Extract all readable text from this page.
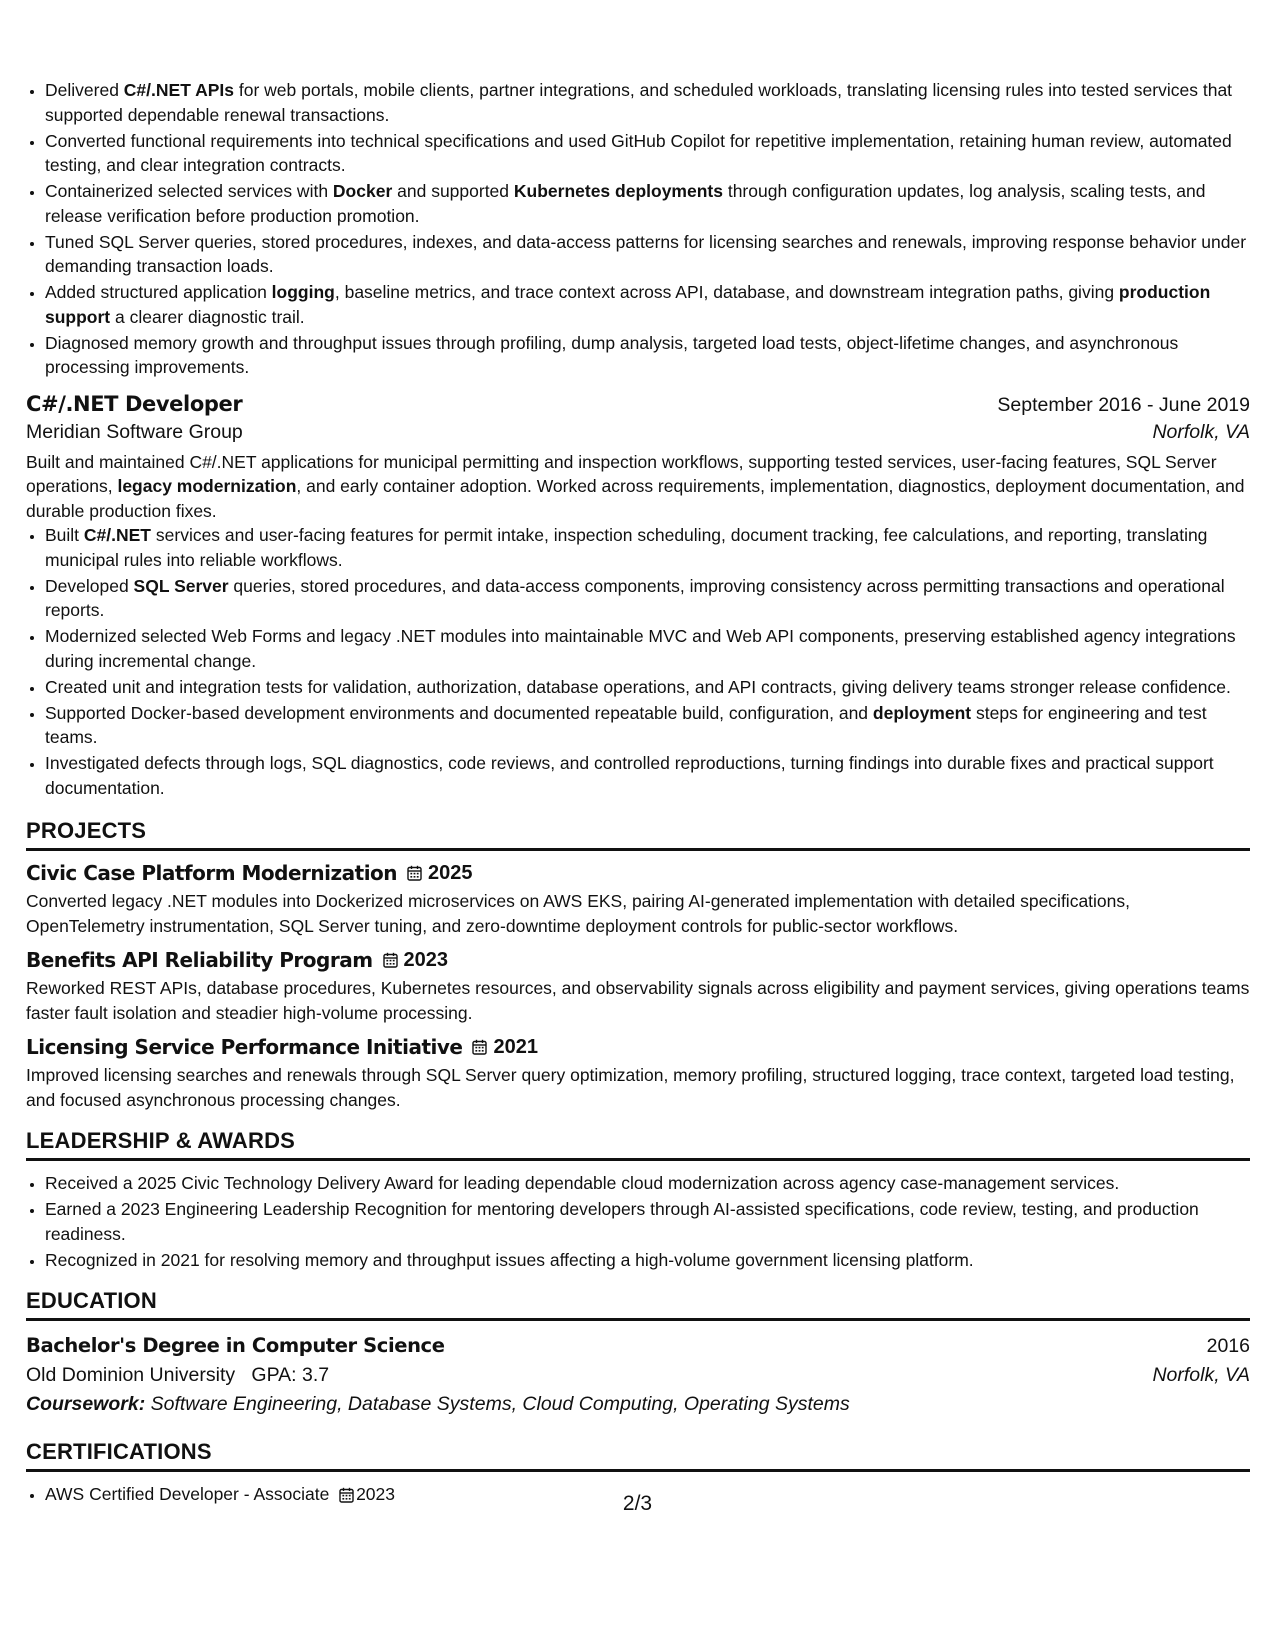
• Delivered C#/.NET APIs for web portals, mobile clients, partner integrations, and scheduled workloads, translating licensing rules into tested services that supported dependable renewal transactions.
• Converted functional requirements into technical specifications and used GitHub Copilot for repetitive implementation, retaining human review, automated testing, and clear integration contracts.
• Containerized selected services with Docker and supported Kubernetes deployments through configuration updates, log analysis, scaling tests, and release verification before production promotion.
• Tuned SQL Server queries, stored procedures, indexes, and data-access patterns for licensing searches and renewals, improving response behavior under demanding transaction loads.
• Added structured application logging, baseline metrics, and trace context across API, database, and downstream integration paths, giving production support a clearer diagnostic trail.
• Diagnosed memory growth and throughput issues through profiling, dump analysis, targeted load tests, object-lifetime changes, and asynchronous processing improvements.
C#/.NET Developer	September 2016 - June 2019
Meridian Software Group	Norfolk, VA
Built and maintained C#/.NET applications for municipal permitting and inspection workflows, supporting tested services, user-facing features, SQL Server operations, legacy modernization, and early container adoption. Worked across requirements, implementation, diagnostics, deployment documentation, and durable production fixes.
• Built C#/.NET services and user-facing features for permit intake, inspection scheduling, document tracking, fee calculations, and reporting, translating municipal rules into reliable workflows.
• Developed SQL Server queries, stored procedures, and data-access components, improving consistency across permitting transactions and operational reports.
• Modernized selected Web Forms and legacy .NET modules into maintainable MVC and Web API components, preserving established agency integrations during incremental change.
• Created unit and integration tests for validation, authorization, database operations, and API contracts, giving delivery teams stronger release confidence.
• Supported Docker-based development environments and documented repeatable build, configuration, and deployment steps for engineering and test teams.
• Investigated defects through logs, SQL diagnostics, code reviews, and controlled reproductions, turning findings into durable fixes and practical support documentation.
PROJECTS
Civic Case Platform Modernization 2025
Converted legacy .NET modules into Dockerized microservices on AWS EKS, pairing AI-generated implementation with detailed specifications, OpenTelemetry instrumentation, SQL Server tuning, and zero-downtime deployment controls for public-sector workflows.
Benefits API Reliability Program 2023
Reworked REST APIs, database procedures, Kubernetes resources, and observability signals across eligibility and payment services, giving operations teams faster fault isolation and steadier high-volume processing.
Licensing Service Performance Initiative 2021
Improved licensing searches and renewals through SQL Server query optimization, memory profiling, structured logging, trace context, targeted load testing, and focused asynchronous processing changes.
LEADERSHIP & AWARDS
• Received a 2025 Civic Technology Delivery Award for leading dependable cloud modernization across agency case-management services.
• Earned a 2023 Engineering Leadership Recognition for mentoring developers through AI-assisted specifications, code review, testing, and production readiness.
• Recognized in 2021 for resolving memory and throughput issues affecting a high-volume government licensing platform.
EDUCATION
Bachelor's Degree in Computer Science	2016
Old Dominion University GPA: 3.7	Norfolk, VA
Coursework: Software Engineering, Database Systems, Cloud Computing, Operating Systems
CERTIFICATIONS
• AWS Certified Developer - Associate 2023	2/3
